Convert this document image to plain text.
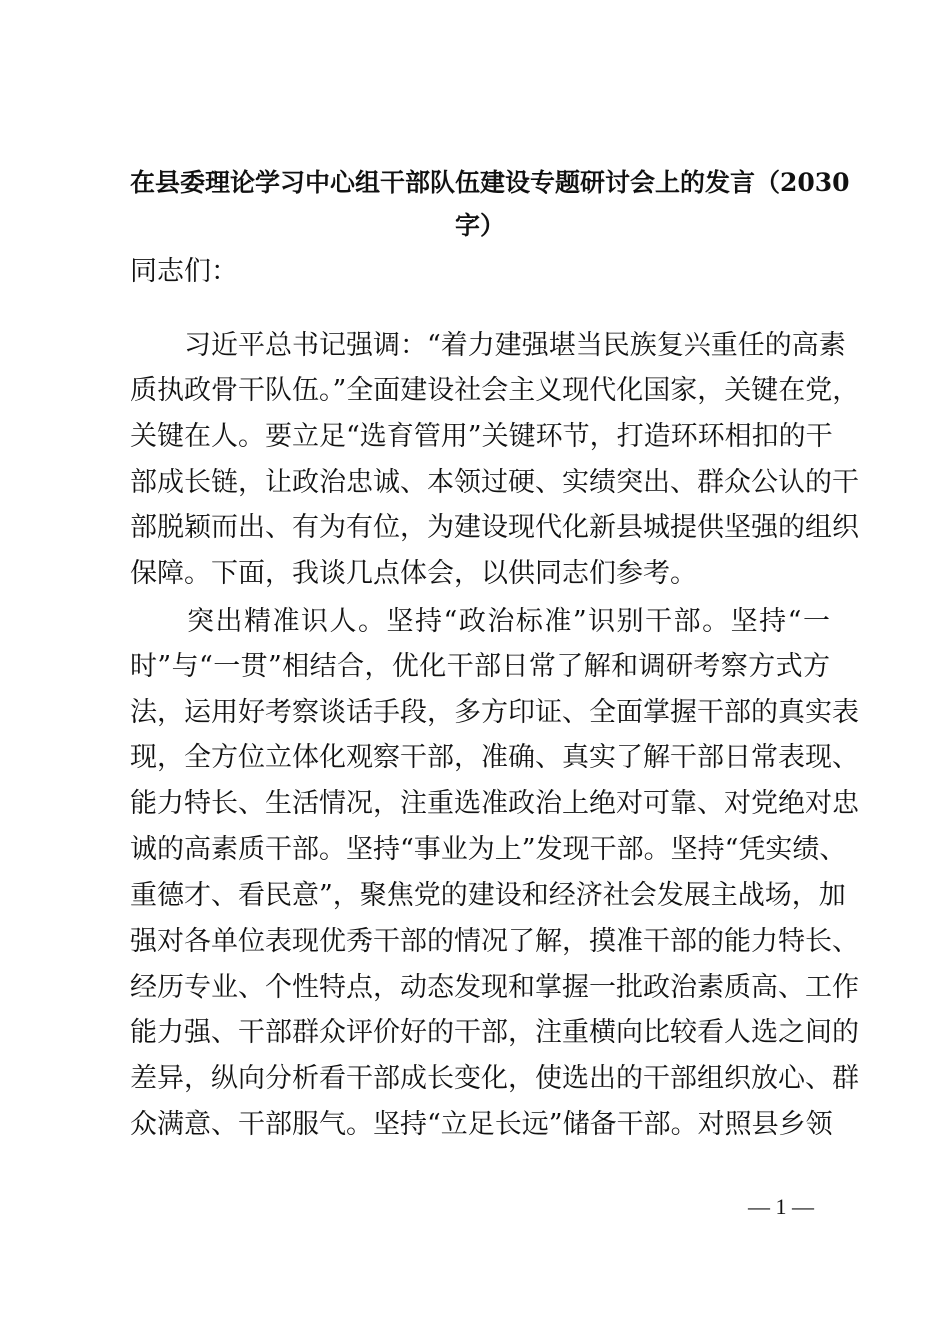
在县委理论学习中心组干部队伍建设专题研讨会上的发言（2030
字）
同志们：
　　习近平总书记强调：“着力建强堪当民族复兴重任的高素
质执政骨干队伍。”全面建设社会主义现代化国家，关键在党，
关键在人。要立足“选育管用”关键环节，打造环环相扣的干
部成长链，让政治忠诚、本领过硬、实绩突出、群众公认的干
部脱颖而出、有为有位，为建设现代化新县城提供坚强的组织
保障。下面，我谈几点体会，以供同志们参考。
　　突出精准识人。坚持“政治标准”识别干部。坚持“一
时”与“一贯”相结合，优化干部日常了解和调研考察方式方
法，运用好考察谈话手段，多方印证、全面掌握干部的真实表
现，全方位立体化观察干部，准确、真实了解干部日常表现、
能力特长、生活情况，注重选准政治上绝对可靠、对党绝对忠
诚的高素质干部。坚持“事业为上”发现干部。坚持“凭实绩、
重德才、看民意”，聚焦党的建设和经济社会发展主战场，加
强对各单位表现优秀干部的情况了解，摸准干部的能力特长、
经历专业、个性特点，动态发现和掌握一批政治素质高、工作
能力强、干部群众评价好的干部，注重横向比较看人选之间的
差异，纵向分析看干部成长变化，使选出的干部组织放心、群
众满意、干部服气。坚持“立足长远”储备干部。对照县乡领
— 1 —
